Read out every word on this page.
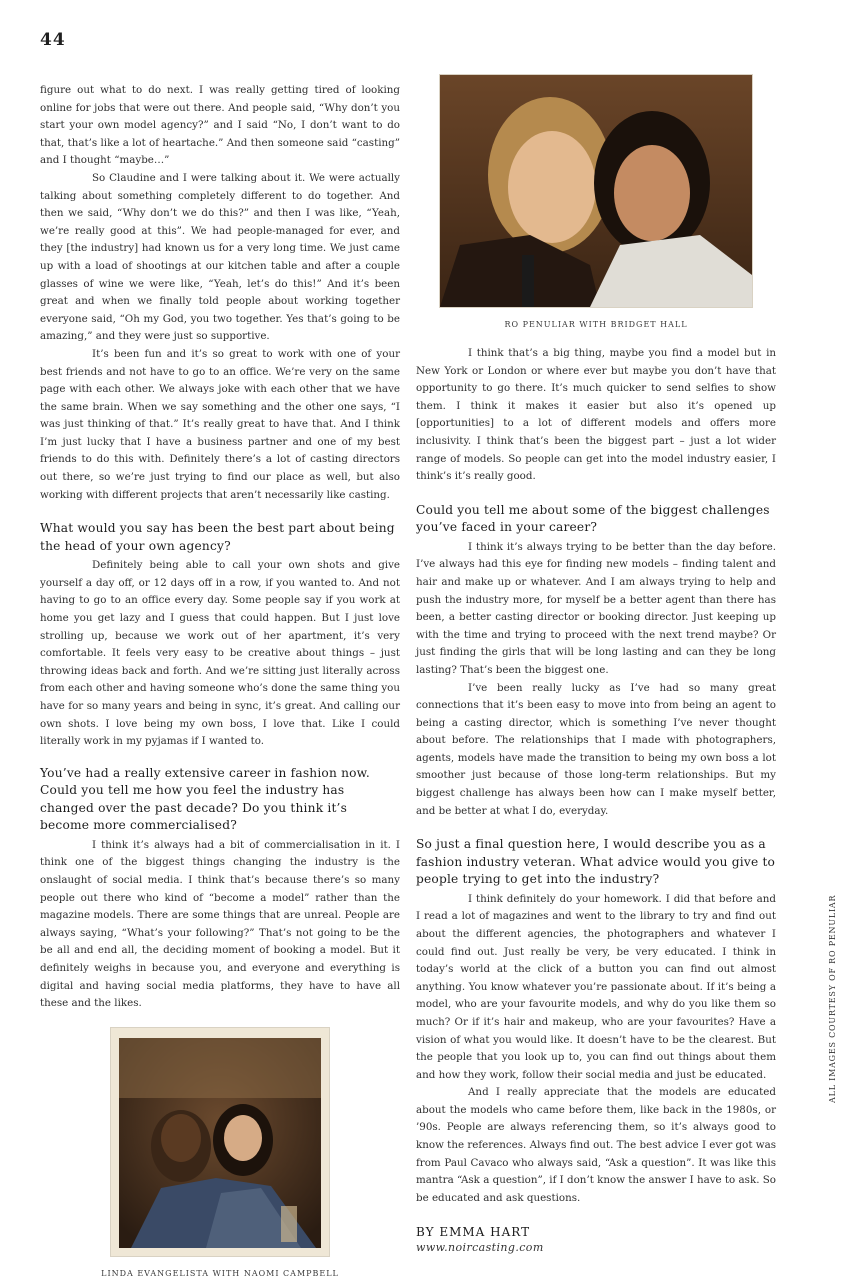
44

figure out what to do next. I was really getting tired of looking online for jobs that were out there. And people said, “Why don’t you start your own model agency?” and I said “No, I don’t want to do that, that’s like a lot of heartache.” And then someone said “casting” and I thought “maybe…”

So Claudine and I were talking about it. We were actually talking about something completely different to do together. And then we said, “Why don’t we do this?” and then I was like, “Yeah, we’re really good at this”. We had people-managed for ever, and they [the industry] had known us for a very long time. We just came up with a load of shootings at our kitchen table and after a couple glasses of wine we were like, “Yeah, let’s do this!” And it’s been great and when we finally told people about working together everyone said, “Oh my God, you two together. Yes that’s going to be amazing,” and they were just so supportive.

It’s been fun and it’s so great to work with one of your best friends and not have to go to an office. We’re very on the same page with each other. We always joke with each other that we have the same brain. When we say something and the other one says, “I was just thinking of that.” It’s really great to have that. And I think I’m just lucky that I have a business partner and one of my best friends to do this with. Definitely there’s a lot of casting directors out there, so we’re just trying to find our place as well, but also working with different projects that aren’t necessarily like casting.

What would you say has been the best part about being the head of your own agency?

Definitely being able to call your own shots and give yourself a day off, or 12 days off in a row, if you wanted to. And not having to go to an office every day. Some people say if you work at home you get lazy and I guess that could happen. But I just love strolling up, because we work out of her apartment, it’s very comfortable. It feels very easy to be creative about things – just throwing ideas back and forth. And we’re sitting just literally across from each other and having someone who’s done the same thing you have for so many years and being in sync, it’s great. And calling our own shots. I love being my own boss, I love that. Like I could literally work in my pyjamas if I wanted to.

You’ve had a really extensive career in fashion now. Could you tell me how you feel the industry has changed over the past decade? Do you think it’s become more commercialised?

I think it’s always had a bit of commercialisation in it. I think one of the biggest things changing the industry is the onslaught of social media. I think that’s because there’s so many people out there who kind of “become a model” rather than the magazine models. There are some things that are unreal. People are always saying, “What’s your following?” That’s not going to be the be all and end all, the deciding moment of booking a model. But it definitely weighs in because you, and everyone and everything is digital and having social media platforms, they have to have all these and the likes.

LINDA EVANGELISTA WITH NAOMI CAMPBELL
RO PENULIAR WITH BRIDGET HALL

I think that’s a big thing, maybe you find a model but in New York or London or where ever but maybe you don’t have that opportunity to go there. It’s much quicker to send selfies to show them. I think it makes it easier but also it’s opened up [opportunities] to a lot of different models and offers more inclusivity. I think that’s been the biggest part – just a lot wider range of models. So people can get into the model industry easier, I think’s it’s really good.

Could you tell me about some of the biggest challenges you’ve faced in your career?

I think it’s always trying to be better than the day before. I’ve always had this eye for finding new models – finding talent and hair and make up or whatever. And I am always trying to help and push the industry more, for myself be a better agent than there has been, a better casting director or booking director. Just keeping up with the time and trying to proceed with the next trend maybe? Or just finding the girls that will be long lasting and can they be long lasting? That’s been the biggest one.

I’ve been really lucky as I’ve had so many great connections that it’s been easy to move into from being an agent to being a casting director, which is something I’ve never thought about before. The relationships that I made with photographers, agents, models have made the transition to being my own boss a lot smoother just because of those long-term relationships. But my biggest challenge has always been how can I make myself better, and be better at what I do, everyday.

So just a final question here, I would describe you as a fashion industry veteran. What advice would you give to people trying to get into the industry?

I think definitely do your homework. I did that before and I read a lot of magazines and went to the library to try and find out about the different agencies, the photographers and whatever I could find out. Just really be very, be very educated. I think in today’s world at the click of a button you can find out almost anything. You know whatever you’re passionate about. If it’s being a model, who are your favourite models, and why do you like them so much? Or if it’s hair and makeup, who are your favourites? Have a vision of what you would like. It doesn’t have to be the clearest. But the people that you look up to, you can find out things about them and how they work, follow their social media and just be educated.

And I really appreciate that the models are educated about the models who came before them, like back in the 1980s, or ’90s. People are always referencing them, so it’s always good to know the references. Always find out. The best advice I ever got was from Paul Cavaco who always said, “Ask a question”. It was like this mantra “Ask a question”, if I don’t know the answer I have to ask. So be educated and ask questions.

BY EMMA HART
www.noircasting.com
ALL IMAGES COURTESY OF RO PENULIAR
